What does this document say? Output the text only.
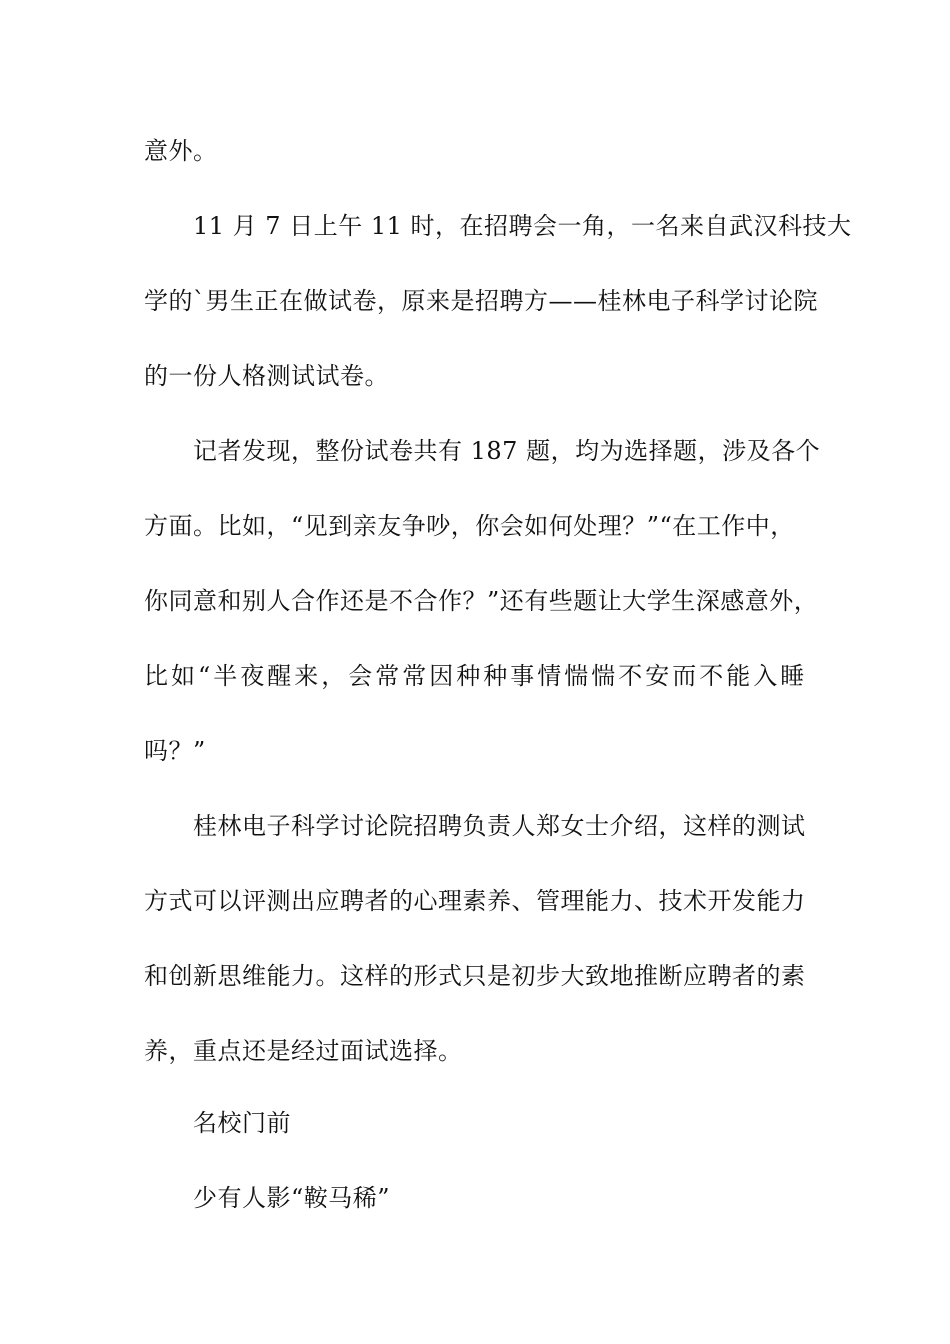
意外。
11 月 7 日上午 11 时，在招聘会一角，一名来自武汉科技大
学的`男生正在做试卷，原来是招聘方——桂林电子科学讨论院
的一份人格测试试卷。
记者发现，整份试卷共有 187 题，均为选择题，涉及各个
方面。比如，“见到亲友争吵，你会如何处理？”“在工作中，
你同意和别人合作还是不合作？”还有些题让大学生深感意外，
比如“半夜醒来，会常常因种种事情惴惴不安而不能入睡
吗？”
桂林电子科学讨论院招聘负责人郑女士介绍，这样的测试
方式可以评测出应聘者的心理素养、管理能力、技术开发能力
和创新思维能力。这样的形式只是初步大致地推断应聘者的素
养，重点还是经过面试选择。
名校门前
少有人影“鞍马稀”
